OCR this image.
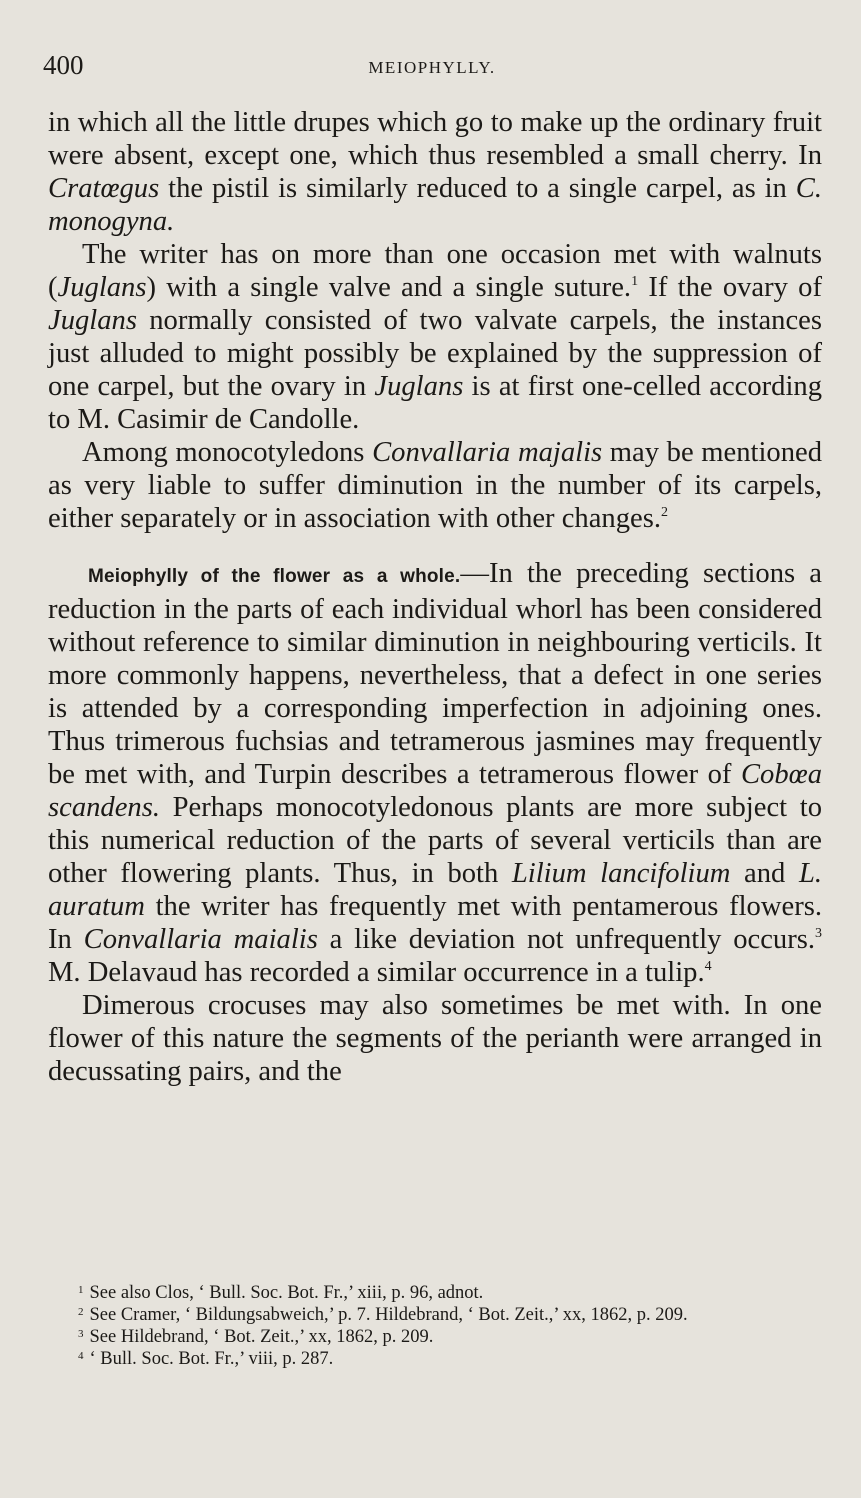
400	MEIOPHYLLY.

in which all the little drupes which go to make up the ordinary fruit were absent, except one, which thus resembled a small cherry. In Cratœgus the pistil is similarly reduced to a single carpel, as in C. monogyna.

The writer has on more than one occasion met with walnuts (Juglans) with a single valve and a single suture.$^1$ If the ovary of Juglans normally consisted of two valvate carpels, the instances just alluded to might possibly be explained by the suppression of one carpel, but the ovary in Juglans is at first one-celled according to M. Casimir de Candolle.

Among monocotyledons Convallaria majalis may be mentioned as very liable to suffer diminution in the number of its carpels, either separately or in association with other changes.$^2$

Meiophylly of the flower as a whole.—In the preceding sections a reduction in the parts of each individual whorl has been considered without reference to similar diminution in neighbouring verticils. It more commonly happens, nevertheless, that a defect in one series is attended by a corresponding imperfection in adjoining ones. Thus trimerous fuchsias and tetramerous jasmines may frequently be met with, and Turpin describes a tetramerous flower of Cobœa scandens. Perhaps monocotyledonous plants are more subject to this numerical reduction of the parts of several verticils than are other flowering plants. Thus, in both Lilium lancifolium and L. auratum the writer has frequently met with pentamerous flowers. In Convallaria maialis a like deviation not unfrequently occurs.$^3$ M. Delavaud has recorded a similar occurrence in a tulip.$^4$

Dimerous crocuses may also sometimes be met with. In one flower of this nature the segments of the perianth were arranged in decussating pairs, and the

$^1$ See also Clos, ‘ Bull. Soc. Bot. Fr.,’ xiii, p. 96, adnot.

$^2$ See Cramer, ‘ Bildungsabweich,’ p. 7. Hildebrand, ‘ Bot. Zeit.,’ xx, 1862, p. 209.

$^3$ See Hildebrand, ‘ Bot. Zeit.,’ xx, 1862, p. 209.

$^4$ ‘ Bull. Soc. Bot. Fr.,’ viii, p. 287.
